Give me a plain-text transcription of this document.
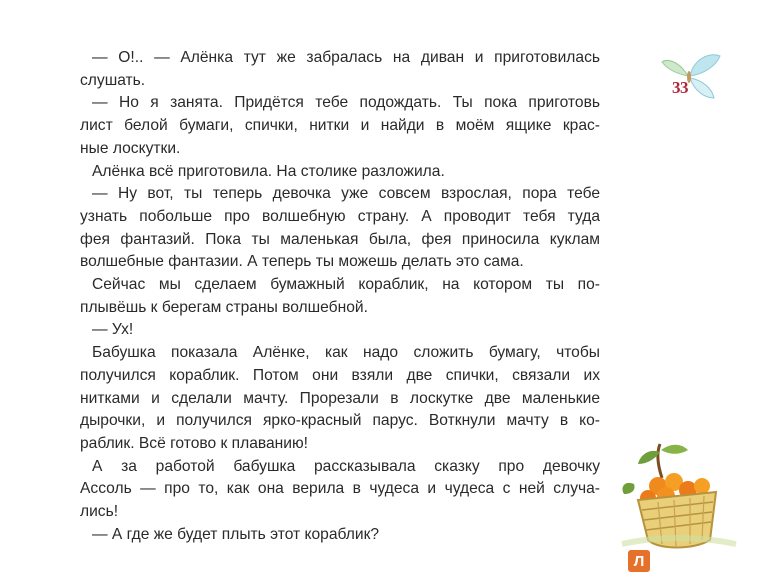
— О!.. — Алёнка тут же забралась на диван и приготовилась
слушать.
— Но я занята. Придётся тебе подождать. Ты пока приготовь
лист белой бумаги, спички, нитки и найди в моём ящике крас-
ные лоскутки.
Алёнка всё приготовила. На столике разложила.
— Ну вот, ты теперь девочка уже совсем взрослая, пора тебе
узнать побольше про волшебную страну. А проводит тебя туда
фея фантазий. Пока ты маленькая была, фея приносила куклам
волшебные фантазии. А теперь ты можешь делать это сама.
Сейчас мы сделаем бумажный кораблик, на котором ты по-
плывёшь к берегам страны волшебной.
— Ух!
Бабушка показала Алёнке, как надо сложить бумагу, чтобы
получился кораблик. Потом они взяли две спички, связали их
нитками и сделали мачту. Прорезали в лоскутке две маленькие
дырочки, и получился ярко-красный парус. Воткнули мачту в ко-
раблик. Всё готово к плаванию!
А за работой бабушка рассказывала сказку про девочку
Ассоль — про то, как она верила в чудеса и чудеса с ней случа-
лись!
— А где же будет плыть этот кораблик?
33
Л
